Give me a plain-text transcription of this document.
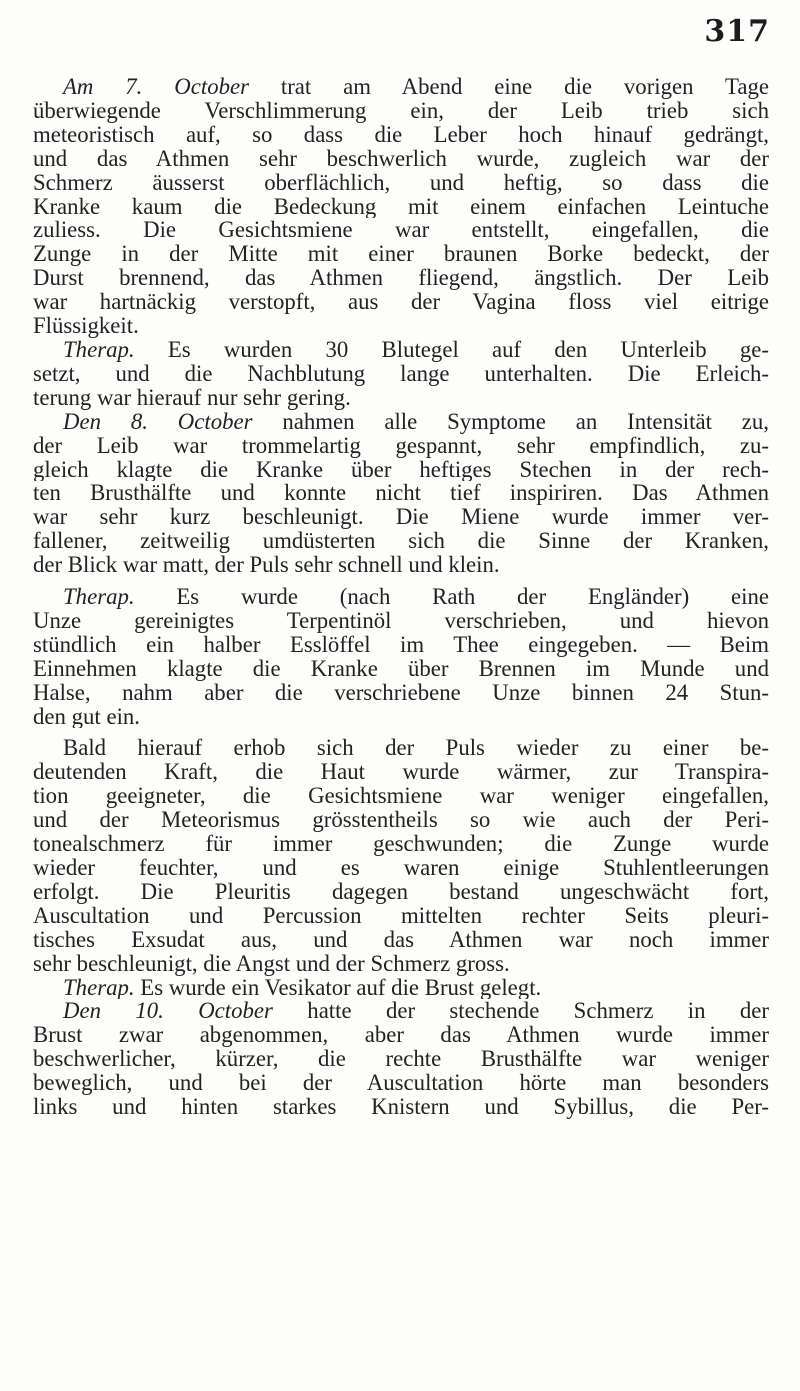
317
Am 7. October trat am Abend eine die vorigen Tage
überwiegende Verschlimmerung ein, der Leib trieb sich
meteoristisch auf, so dass die Leber hoch hinauf gedrängt,
und das Athmen sehr beschwerlich wurde, zugleich war der
Schmerz äusserst oberflächlich, und heftig, so dass die
Kranke kaum die Bedeckung mit einem einfachen Leintuche
zuliess. Die Gesichtsmiene war entstellt, eingefallen, die
Zunge in der Mitte mit einer braunen Borke bedeckt, der
Durst brennend, das Athmen fliegend, ängstlich. Der Leib
war hartnäckig verstopft, aus der Vagina floss viel eitrige
Flüssigkeit.
Therap. Es wurden 30 Blutegel auf den Unterleib ge-
setzt, und die Nachblutung lange unterhalten. Die Erleich-
terung war hierauf nur sehr gering.
Den 8. October nahmen alle Symptome an Intensität zu,
der Leib war trommelartig gespannt, sehr empfindlich, zu-
gleich klagte die Kranke über heftiges Stechen in der rech-
ten Brusthälfte und konnte nicht tief inspiriren. Das Athmen
war sehr kurz beschleunigt. Die Miene wurde immer ver-
fallener, zeitweilig umdüsterten sich die Sinne der Kranken,
der Blick war matt, der Puls sehr schnell und klein.
Therap. Es wurde (nach Rath der Engländer) eine
Unze gereinigtes Terpentinöl verschrieben, und hievon
stündlich ein halber Esslöffel im Thee eingegeben. — Beim
Einnehmen klagte die Kranke über Brennen im Munde und
Halse, nahm aber die verschriebene Unze binnen 24 Stun-
den gut ein.
Bald hierauf erhob sich der Puls wieder zu einer be-
deutenden Kraft, die Haut wurde wärmer, zur Transpira-
tion geeigneter, die Gesichtsmiene war weniger eingefallen,
und der Meteorismus grösstentheils so wie auch der Peri-
tonealschmerz für immer geschwunden; die Zunge wurde
wieder feuchter, und es waren einige Stuhlentleerungen
erfolgt. Die Pleuritis dagegen bestand ungeschwächt fort,
Auscultation und Percussion mittelten rechter Seits pleuri-
tisches Exsudat aus, und das Athmen war noch immer
sehr beschleunigt, die Angst und der Schmerz gross.
Therap. Es wurde ein Vesikator auf die Brust gelegt.
Den 10. October hatte der stechende Schmerz in der
Brust zwar abgenommen, aber das Athmen wurde immer
beschwerlicher, kürzer, die rechte Brusthälfte war weniger
beweglich, und bei der Auscultation hörte man besonders
links und hinten starkes Knistern und Sybillus, die Per-
